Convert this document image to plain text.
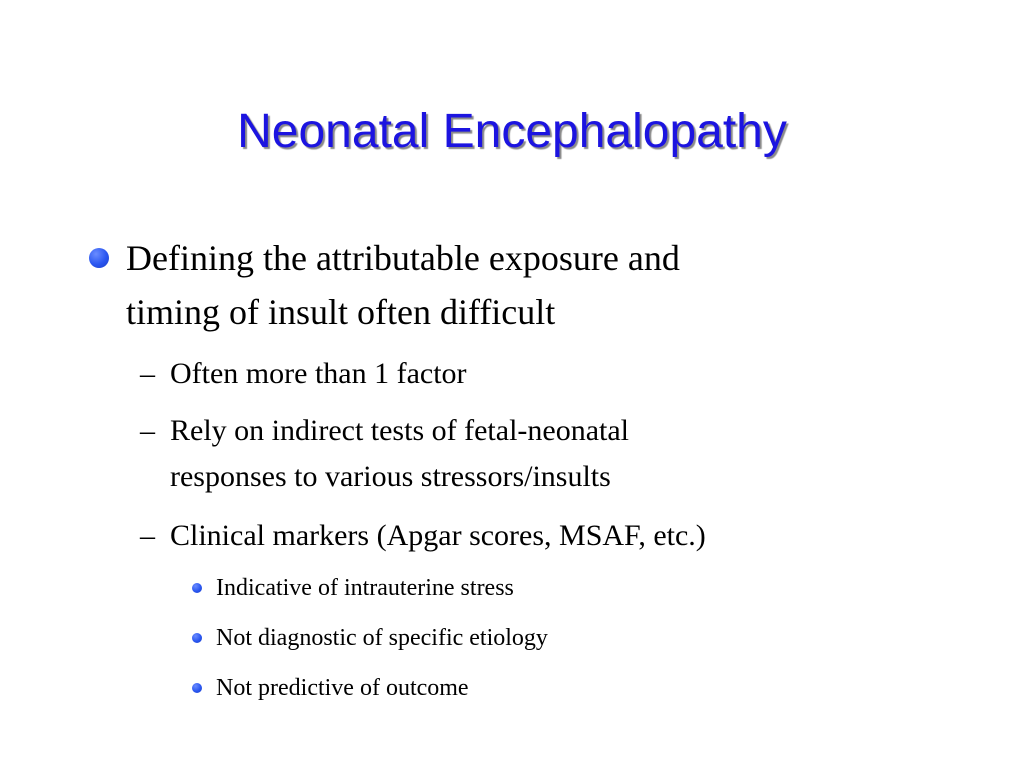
Neonatal Encephalopathy
Defining the attributable exposure and
timing of insult often difficult
– Often more than 1 factor
– Rely on indirect tests of fetal-neonatal
responses to various stressors/insults
– Clinical markers (Apgar scores, MSAF, etc.)
Indicative of intrauterine stress
Not diagnostic of specific etiology
Not predictive of outcome
